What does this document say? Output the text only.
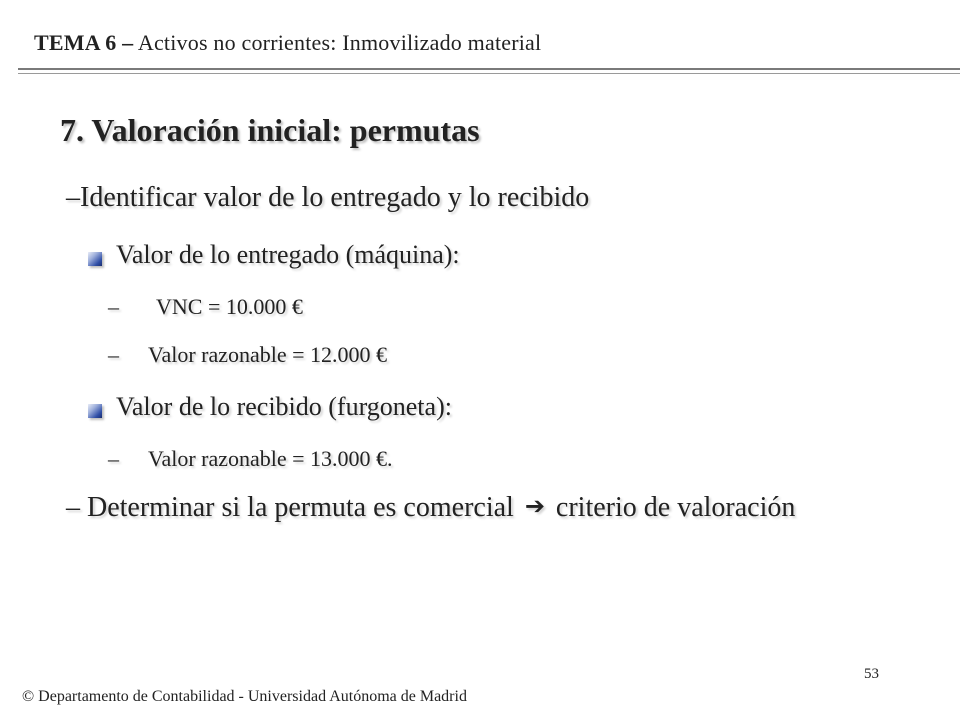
TEMA 6 – Activos no corrientes: Inmovilizado material
7. Valoración inicial: permutas
–Identificar valor de lo entregado y lo recibido
Valor de lo entregado (máquina):
– VNC = 10.000 €
– Valor razonable = 12.000 €
Valor de lo recibido (furgoneta):
– Valor razonable = 13.000 €.
– Determinar si la permuta es comercial ➔ criterio de valoración
53
© Departamento de Contabilidad - Universidad Autónoma de Madrid
